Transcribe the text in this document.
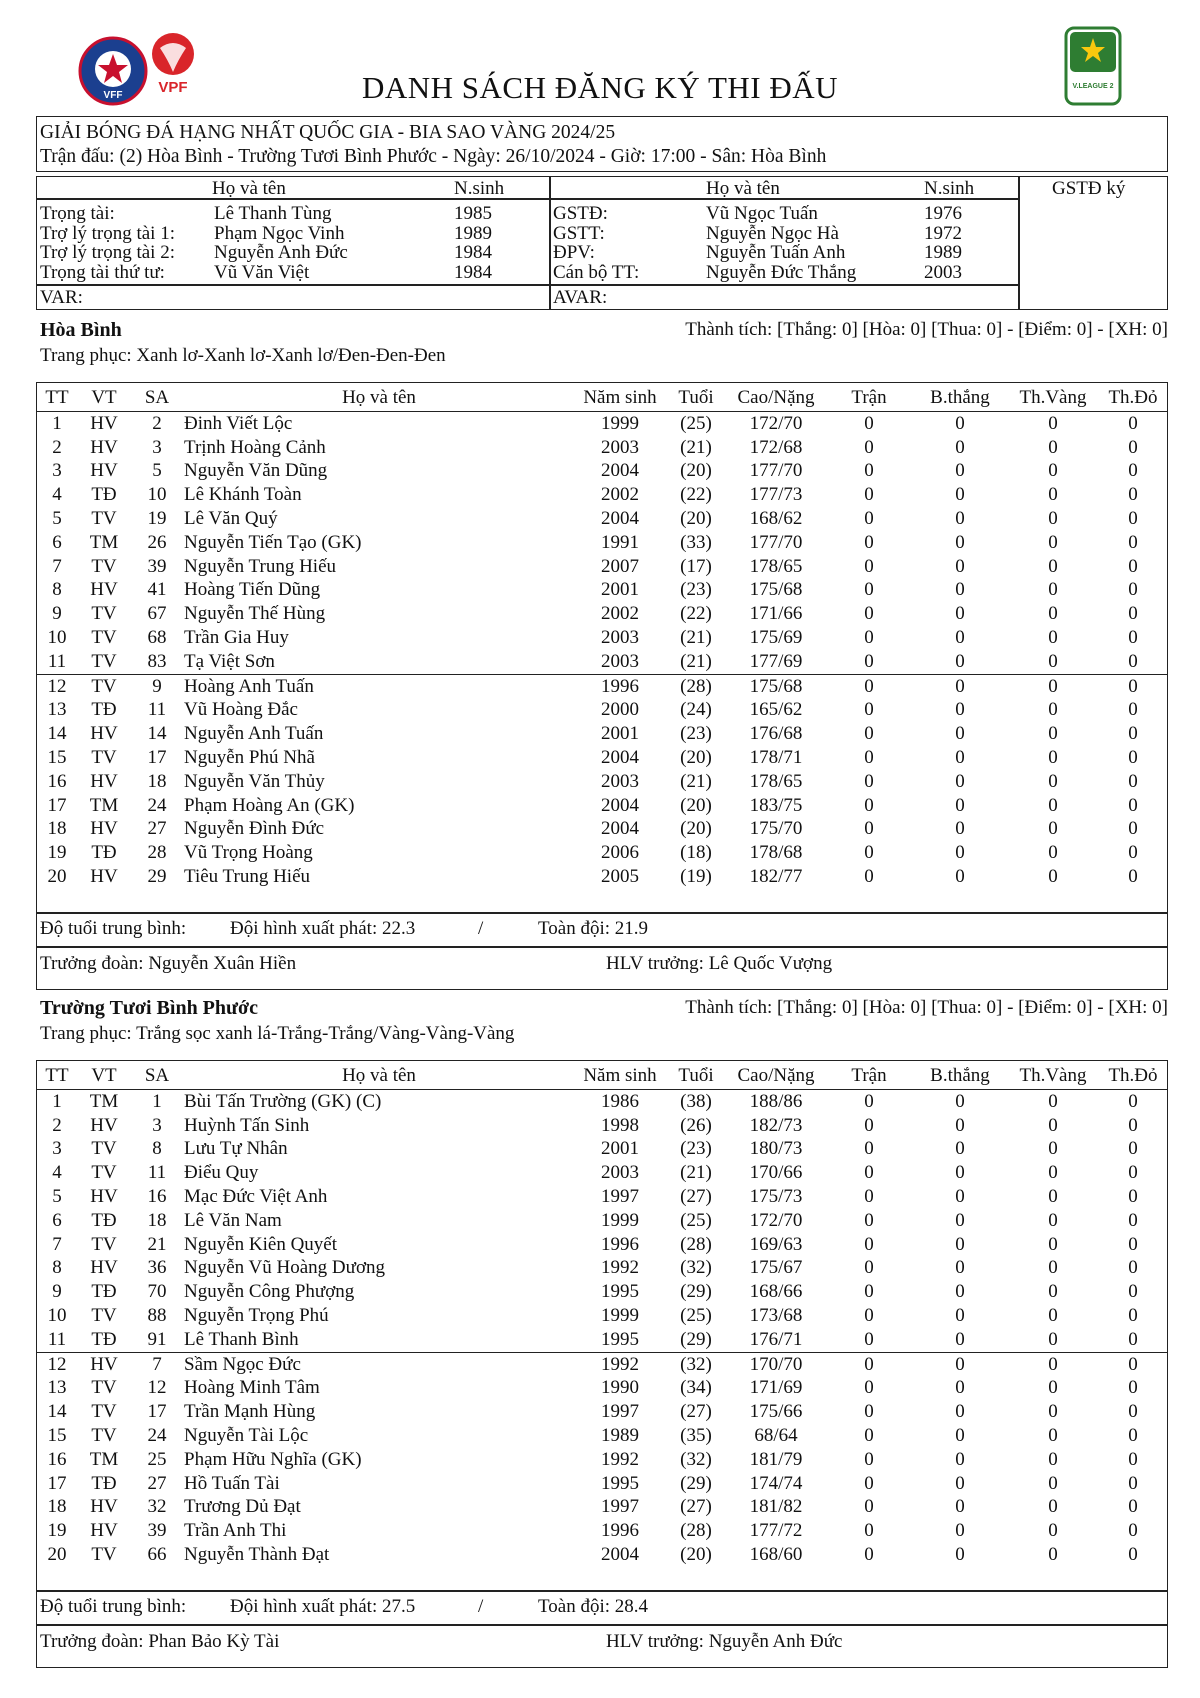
VFF VPF	V.LEAGUE 2
DANH SÁCH ĐĂNG KÝ THI ĐẤU
GIẢI BÓNG ĐÁ HẠNG NHẤT QUỐC GIA - BIA SAO VÀNG 2024/25
Trận đấu: (2) Hòa Bình - Trường Tươi Bình Phước - Ngày: 26/10/2024 - Giờ: 17:00 - Sân: Hòa Bình
Họ và tên	N.sinh	Họ và tên	N.sinh	GSTĐ ký
Trọng tài:	Lê Thanh Tùng	1985
Trợ lý trọng tài 1: Phạm Ngọc Vinh	1989
Trợ lý trọng tài 2: Nguyễn Anh Đức	1984
Trọng tài thứ tư:	Vũ Văn Việt	1984
GSTĐ:	Vũ Ngọc Tuấn	1976
GSTT:	Nguyễn Ngọc Hà	1972
ĐPV:	Nguyễn Tuấn Anh	1989
Cán bộ TT:	Nguyễn Đức Thắng	2003
VAR:	AVAR:
Hòa Bình	Thành tích: [Thắng: 0] [Hòa: 0] [Thua: 0] - [Điểm: 0] - [XH: 0]
Trang phục: Xanh lơ-Xanh lơ-Xanh lơ/Đen-Đen-Đen
TT	VT	SA	Họ và tên	Năm sinh	Tuổi	Cao/Nặng	Trận	B.thắng	Th.Vàng	Th.Đỏ
1	HV	2	Đinh Viết Lộc	1999	(25)	172/70	0	0	0	0
2	HV	3	Trịnh Hoàng Cảnh	2003	(21)	172/68	0	0	0	0
3	HV	5	Nguyễn Văn Dũng	2004	(20)	177/70	0	0	0	0
4	TĐ	10	Lê Khánh Toàn	2002	(22)	177/73	0	0	0	0
5	TV	19	Lê Văn Quý	2004	(20)	168/62	0	0	0	0
6	TM	26	Nguyễn Tiến Tạo (GK)	1991	(33)	177/70	0	0	0	0
7	TV	39	Nguyễn Trung Hiếu	2007	(17)	178/65	0	0	0	0
8	HV	41	Hoàng Tiến Dũng	2001	(23)	175/68	0	0	0	0
9	TV	67	Nguyễn Thế Hùng	2002	(22)	171/66	0	0	0	0
10	TV	68	Trần Gia Huy	2003	(21)	175/69	0	0	0	0
11	TV	83	Tạ Việt Sơn	2003	(21)	177/69	0	0	0	0
12	TV	9	Hoàng Anh Tuấn	1996	(28)	175/68	0	0	0	0
13	TĐ	11	Vũ Hoàng Đắc	2000	(24)	165/62	0	0	0	0
14	HV	14	Nguyễn Anh Tuấn	2001	(23)	176/68	0	0	0	0
15	TV	17	Nguyễn Phú Nhã	2004	(20)	178/71	0	0	0	0
16	HV	18	Nguyễn Văn Thủy	2003	(21)	178/65	0	0	0	0
17	TM	24	Phạm Hoàng An (GK)	2004	(20)	183/75	0	0	0	0
18	HV	27	Nguyễn Đình Đức	2004	(20)	175/70	0	0	0	0
19	TĐ	28	Vũ Trọng Hoàng	2006	(18)	178/68	0	0	0	0
20	HV	29	Tiêu Trung Hiếu	2005	(19)	182/77	0	0	0	0
Độ tuổi trung bình: Đội hình xuất phát: 22.3	/	Toàn đội: 21.9
Trưởng đoàn: Nguyễn Xuân Hiền	HLV trưởng: Lê Quốc Vượng
Trường Tươi Bình Phước	Thành tích: [Thắng: 0] [Hòa: 0] [Thua: 0] - [Điểm: 0] - [XH: 0]
Trang phục: Trắng sọc xanh lá-Trắng-Trắng/Vàng-Vàng-Vàng
TT	VT	SA	Họ và tên	Năm sinh	Tuổi	Cao/Nặng	Trận	B.thắng	Th.Vàng	Th.Đỏ
1	TM	1	Bùi Tấn Trường (GK) (C)	1986	(38)	188/86	0	0	0	0
2	HV	3	Huỳnh Tấn Sinh	1998	(26)	182/73	0	0	0	0
3	TV	8	Lưu Tự Nhân	2001	(23)	180/73	0	0	0	0
4	TV	11	Điểu Quy	2003	(21)	170/66	0	0	0	0
5	HV	16	Mạc Đức Việt Anh	1997	(27)	175/73	0	0	0	0
6	TĐ	18	Lê Văn Nam	1999	(25)	172/70	0	0	0	0
7	TV	21	Nguyễn Kiên Quyết	1996	(28)	169/63	0	0	0	0
8	HV	36	Nguyễn Vũ Hoàng Dương	1992	(32)	175/67	0	0	0	0
9	TĐ	70	Nguyễn Công Phượng	1995	(29)	168/66	0	0	0	0
10	TV	88	Nguyễn Trọng Phú	1999	(25)	173/68	0	0	0	0
11	TĐ	91	Lê Thanh Bình	1995	(29)	176/71	0	0	0	0
12	HV	7	Sầm Ngọc Đức	1992	(32)	170/70	0	0	0	0
13	TV	12	Hoàng Minh Tâm	1990	(34)	171/69	0	0	0	0
14	TV	17	Trần Mạnh Hùng	1997	(27)	175/66	0	0	0	0
15	TV	24	Nguyễn Tài Lộc	1989	(35)	68/64	0	0	0	0
16	TM	25	Phạm Hữu Nghĩa (GK)	1992	(32)	181/79	0	0	0	0
17	TĐ	27	Hồ Tuấn Tài	1995	(29)	174/74	0	0	0	0
18	HV	32	Trương Dủ Đạt	1997	(27)	181/82	0	0	0	0
19	HV	39	Trần Anh Thi	1996	(28)	177/72	0	0	0	0
20	TV	66	Nguyễn Thành Đạt	2004	(20)	168/60	0	0	0	0
Độ tuổi trung bình: Đội hình xuất phát: 27.5	/	Toàn đội: 28.4
Trưởng đoàn: Phan Bảo Kỳ Tài	HLV trưởng: Nguyễn Anh Đức
